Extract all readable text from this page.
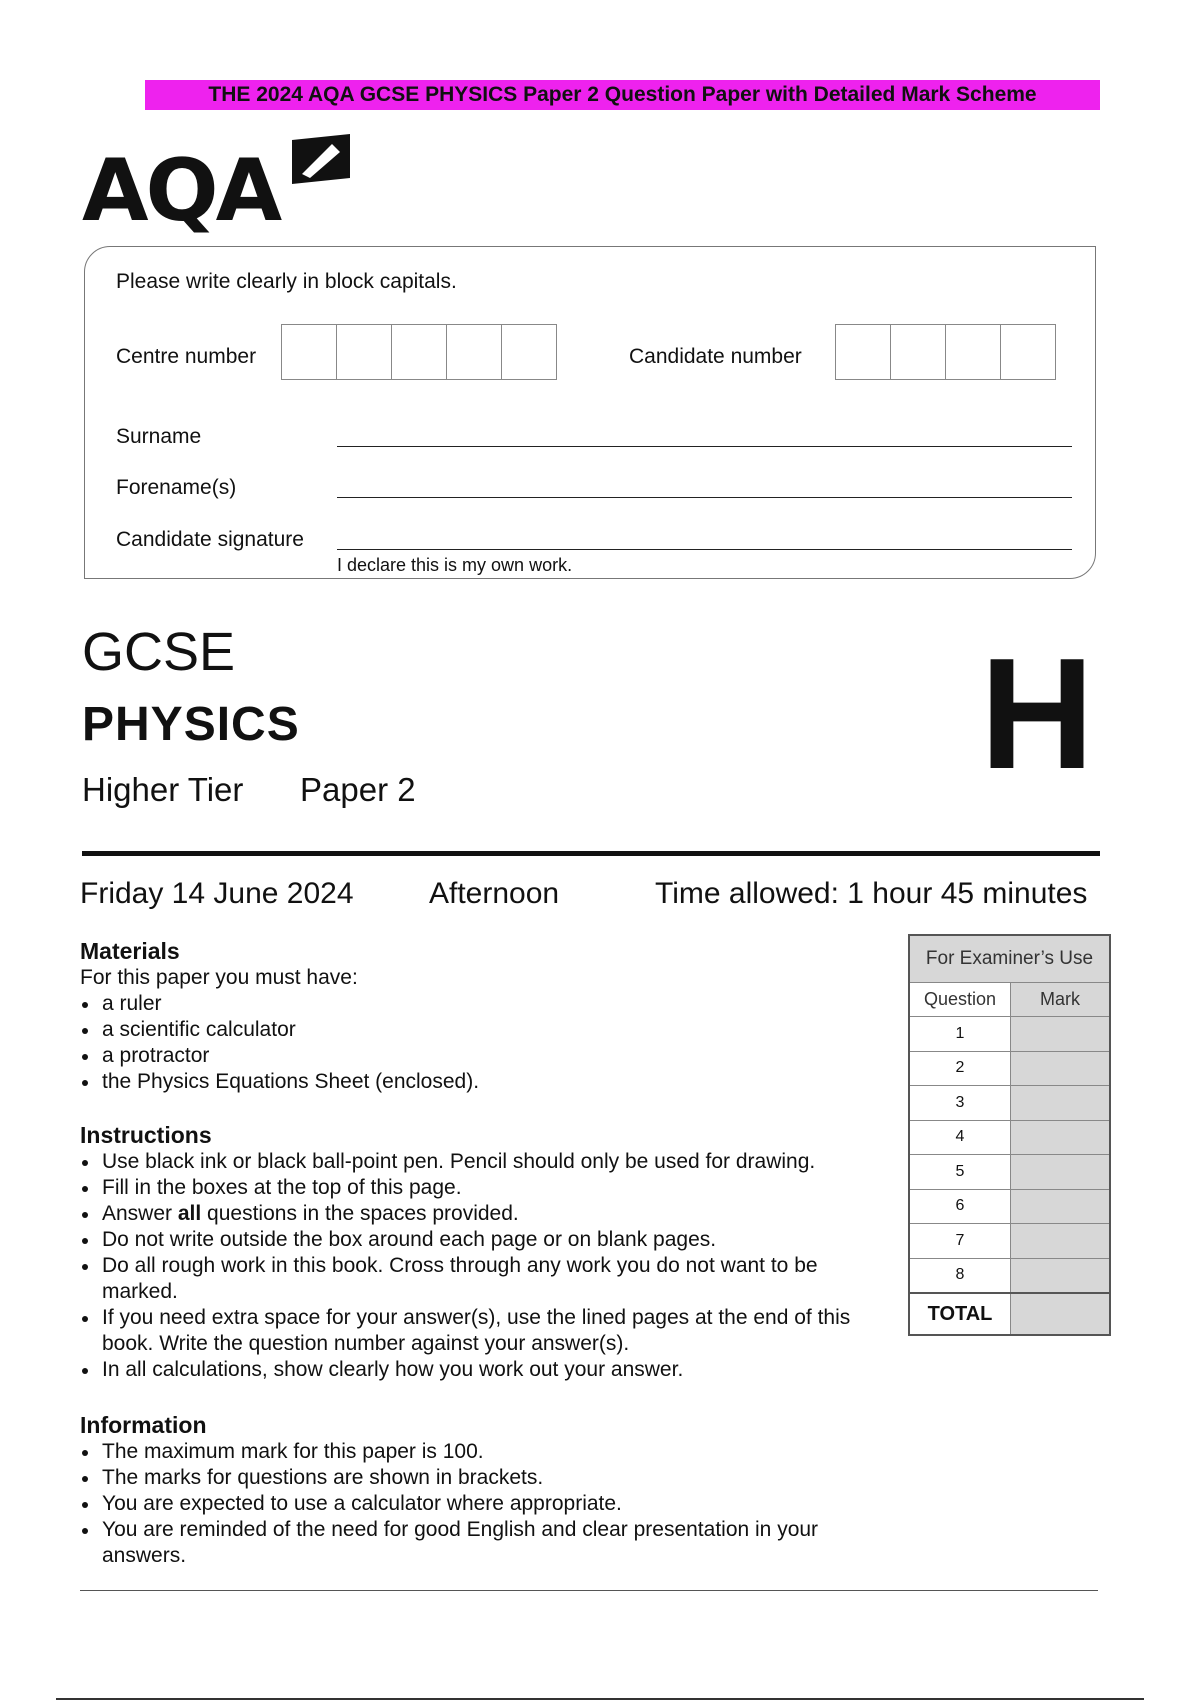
THE 2024 AQA GCSE PHYSICS Paper 2 Question Paper with Detailed Mark Scheme
AQA
Please write clearly in block capitals.
Centre number	Candidate number
Surname
Forename(s)
Candidate signature
I declare this is my own work.
GCSE
PHYSICS
Higher Tier Paper 2	H
Friday 14 June 2024	Afternoon	Time allowed: 1 hour 45 minutes
Materials
For this paper you must have:
a ruler
a scientific calculator
a protractor
the Physics Equations Sheet (enclosed).
Instructions
Use black ink or black ball-point pen. Pencil should only be used for drawing.
Fill in the boxes at the top of this page.
Answer all questions in the spaces provided.
Do not write outside the box around each page or on blank pages.
Do all rough work in this book. Cross through any work you do not want to be marked.
If you need extra space for your answer(s), use the lined pages at the end of this book. Write the question number against your answer(s).
In all calculations, show clearly how you work out your answer.
Information
The maximum mark for this paper is 100.
The marks for questions are shown in brackets.
You are expected to use a calculator where appropriate.
You are reminded of the need for good English and clear presentation in your answers.
For Examiner’s Use	
Question	Mark
1	
2	
3	
4	
5	
6	
7	
8	
TOTAL	
